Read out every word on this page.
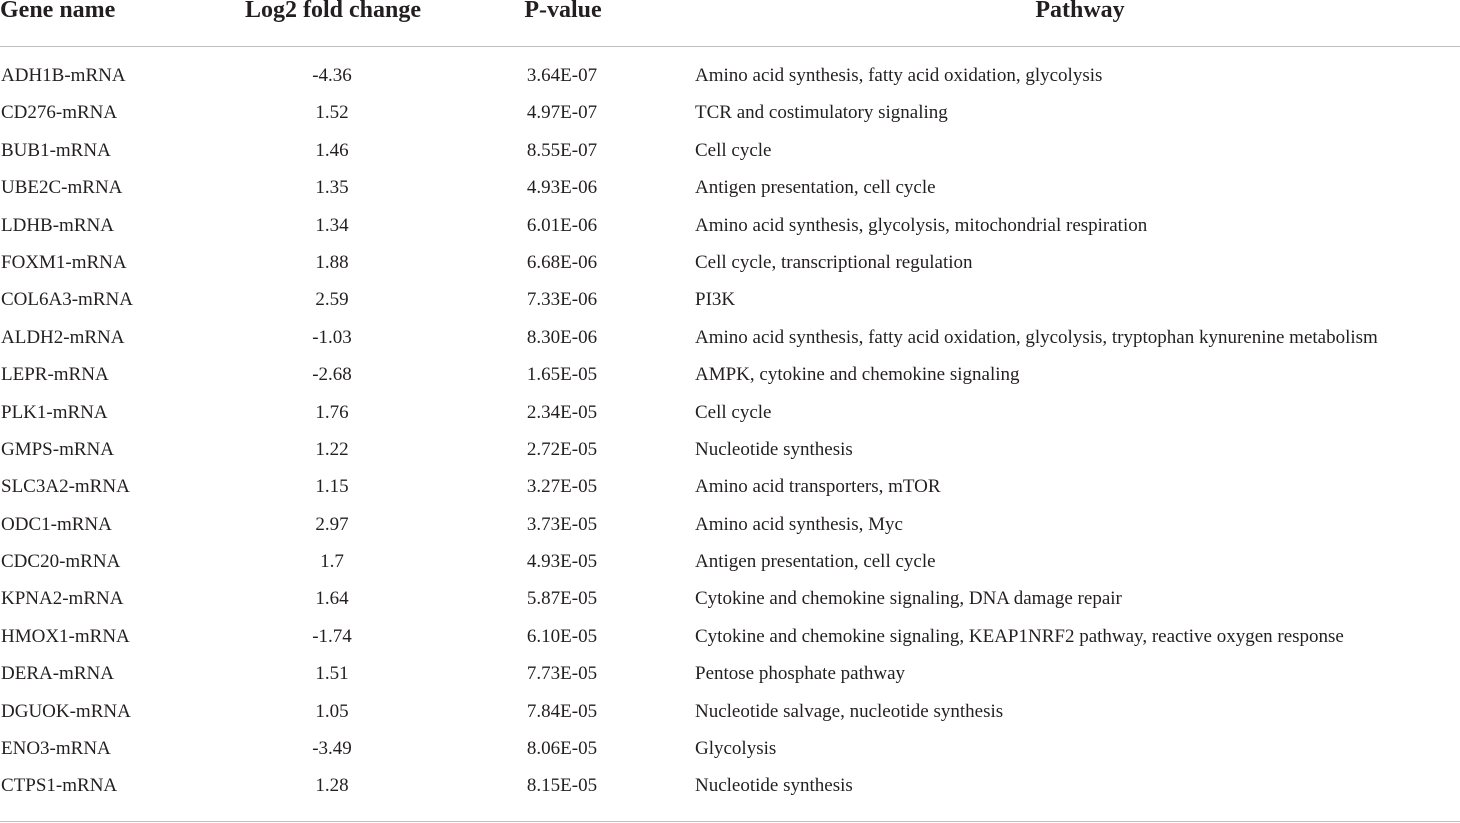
Gene name	Log2 fold change	P-value	Pathway
ADH1B-mRNA	-4.36	3.64E-07	Amino acid synthesis, fatty acid oxidation, glycolysis
CD276-mRNA	1.52	4.97E-07	TCR and costimulatory signaling
BUB1-mRNA	1.46	8.55E-07	Cell cycle
UBE2C-mRNA	1.35	4.93E-06	Antigen presentation, cell cycle
LDHB-mRNA	1.34	6.01E-06	Amino acid synthesis, glycolysis, mitochondrial respiration
FOXM1-mRNA	1.88	6.68E-06	Cell cycle, transcriptional regulation
COL6A3-mRNA	2.59	7.33E-06	PI3K
ALDH2-mRNA	-1.03	8.30E-06	Amino acid synthesis, fatty acid oxidation, glycolysis, tryptophan kynurenine metabolism
LEPR-mRNA	-2.68	1.65E-05	AMPK, cytokine and chemokine signaling
PLK1-mRNA	1.76	2.34E-05	Cell cycle
GMPS-mRNA	1.22	2.72E-05	Nucleotide synthesis
SLC3A2-mRNA	1.15	3.27E-05	Amino acid transporters, mTOR
ODC1-mRNA	2.97	3.73E-05	Amino acid synthesis, Myc
CDC20-mRNA	1.7	4.93E-05	Antigen presentation, cell cycle
KPNA2-mRNA	1.64	5.87E-05	Cytokine and chemokine signaling, DNA damage repair
HMOX1-mRNA	-1.74	6.10E-05	Cytokine and chemokine signaling, KEAP1NRF2 pathway, reactive oxygen response
DERA-mRNA	1.51	7.73E-05	Pentose phosphate pathway
DGUOK-mRNA	1.05	7.84E-05	Nucleotide salvage, nucleotide synthesis
ENO3-mRNA	-3.49	8.06E-05	Glycolysis
CTPS1-mRNA	1.28	8.15E-05	Nucleotide synthesis
